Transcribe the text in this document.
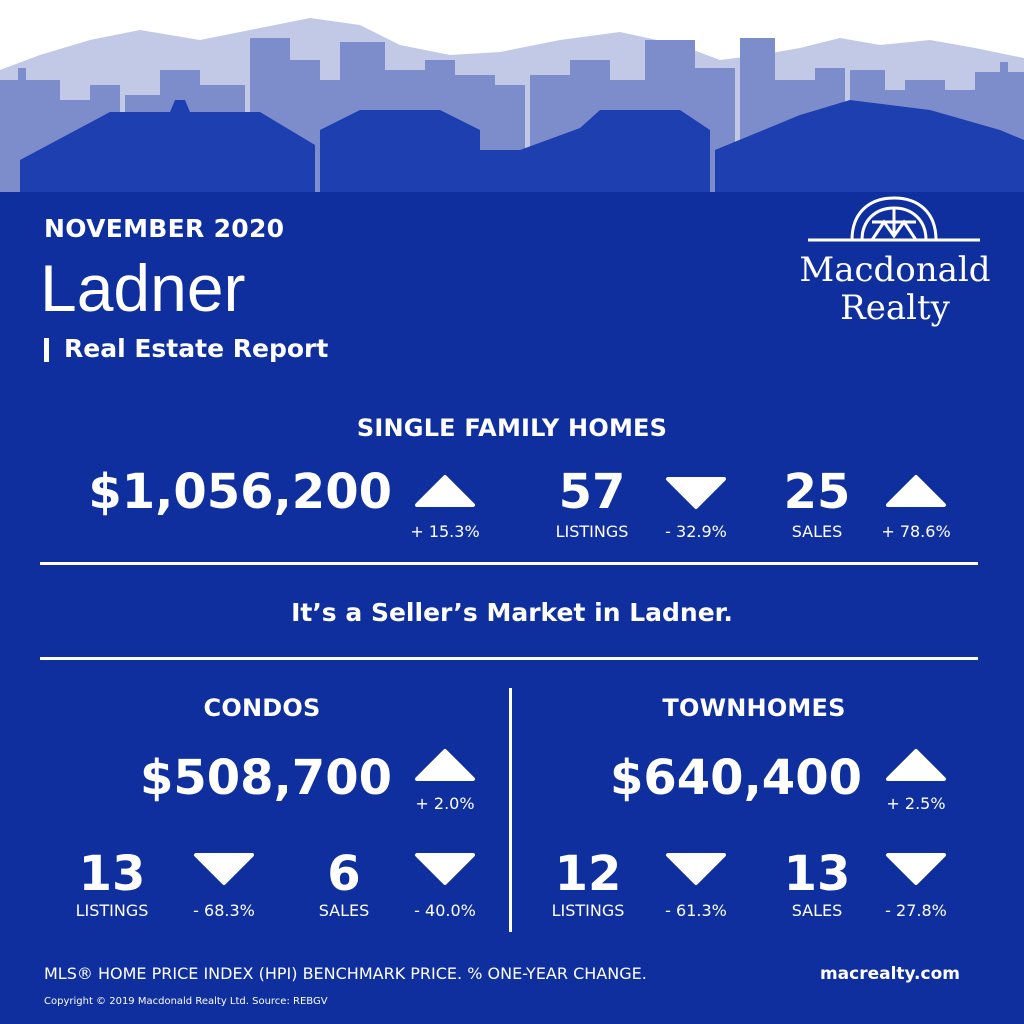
NOVEMBER 2020
Ladner
Real Estate Report
Macdonald
Realty
SINGLE FAMILY HOMES
$1,056,200
+ 15.3%
57
LISTINGS	- 32.9%
25
SALES	+ 78.6%
It’s a Seller’s Market in Ladner.
CONDOS
$508,700	+ 2.0%
13
LISTINGS	- 68.3%
6
SALES	- 40.0%
TOWNHOMES
$640,400	+ 2.5%
12
LISTINGS	- 61.3%
13
SALES	- 27.8%
MLS® HOME PRICE INDEX (HPI) BENCHMARK PRICE. % ONE-YEAR CHANGE.	macrealty.com
Copyright © 2019 Macdonald Realty Ltd. Source: REBGV
